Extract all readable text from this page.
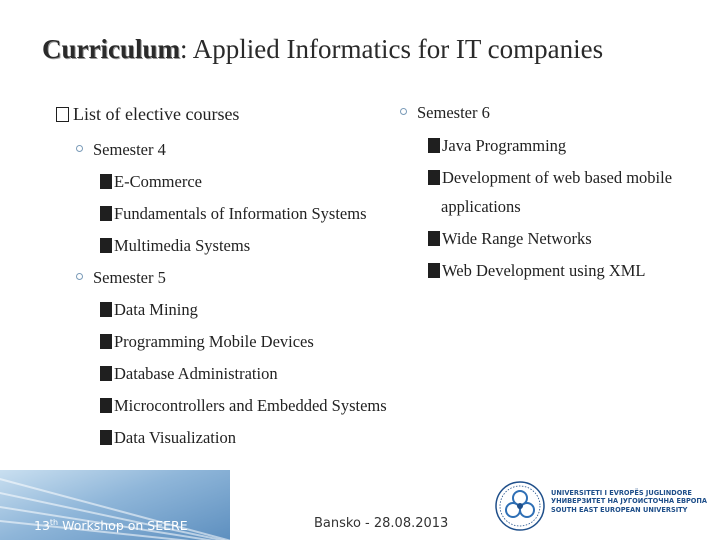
Curriculum: Applied Informatics for IT companies
List of elective courses
Semester 4
E-Commerce
Fundamentals of Information Systems
Multimedia Systems
Semester 5
Data Mining
Programming Mobile Devices
Database Administration
Microcontrollers and Embedded Systems
Data Visualization
Semester 6
Java Programming
Development of web based mobile
applications
Wide Range Networks
Web Development using XML
13th Workshop on SEERE	Bansko - 28.08.2013
UNIVERSITETI I EVROPËS JUGLINDORE
УНИВЕРЗИТЕТ НА ЈУГОИСТОЧНА ЕВРОПА
SOUTH EAST EUROPEAN UNIVERSITY
